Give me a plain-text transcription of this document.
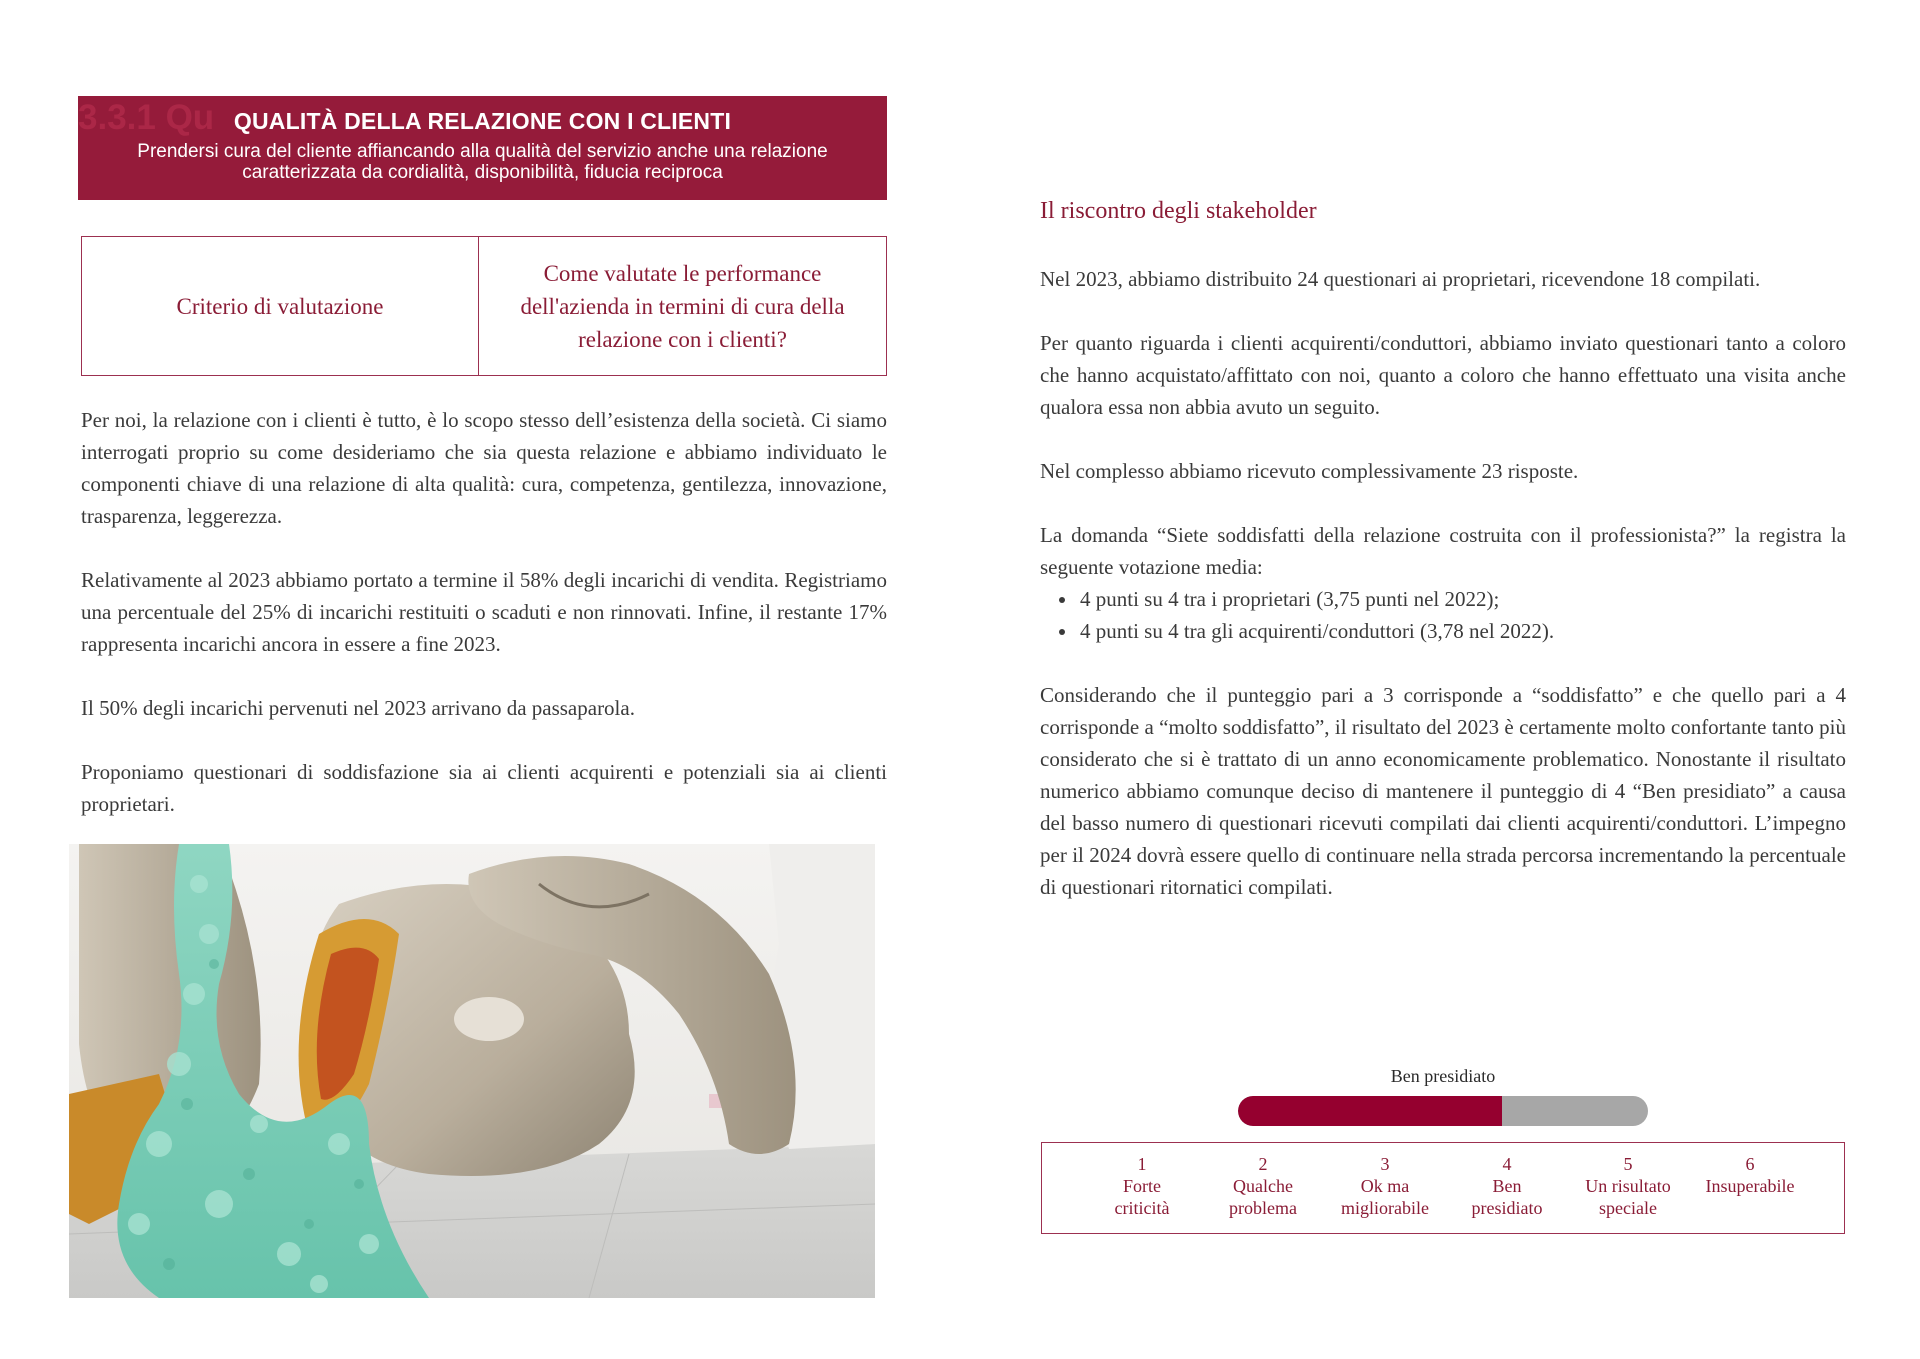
3.3.1 Qu QUALITÀ DELLA RELAZIONE CON I CLIENTI
Prendersi cura del cliente affiancando alla qualità del servizio anche una relazione
caratterizzata da cordialità, disponibilità, fiducia reciproca
Criterio di valutazione
Come valutate le performance dell'azienda in termini di cura della relazione con i clienti?

Per noi, la relazione con i clienti è tutto, è lo scopo stesso dell’esistenza della società. Ci siamo interrogati proprio su come desideriamo che sia questa relazione e abbiamo individuato le componenti chiave di una relazione di alta qualità: cura, competenza, gentilezza, innovazione, trasparenza, leggerezza.

Relativamente al 2023 abbiamo portato a termine il 58% degli incarichi di vendita. Registriamo una percentuale del 25% di incarichi restituiti o scaduti e non rinnovati. Infine, il restante 17% rappresenta incarichi ancora in essere a fine 2023.

Il 50% degli incarichi pervenuti nel 2023 arrivano da passaparola.

Proponiamo questionari di soddisfazione sia ai clienti acquirenti e potenziali sia ai clienti proprietari.

Il riscontro degli stakeholder

Nel 2023, abbiamo distribuito 24 questionari ai proprietari, ricevendone 18 compilati.

Per quanto riguarda i clienti acquirenti/conduttori, abbiamo inviato questionari tanto a coloro che hanno acquistato/affittato con noi, quanto a coloro che hanno effettuato una visita anche qualora essa non abbia avuto un seguito.

Nel complesso abbiamo ricevuto complessivamente 23 risposte.

La domanda “Siete soddisfatti della relazione costruita con il professionista?” la registra la seguente votazione media:

• 4 punti su 4 tra i proprietari (3,75 punti nel 2022);
• 4 punti su 4 tra gli acquirenti/conduttori (3,78 nel 2022).

Considerando che il punteggio pari a 3 corrisponde a “soddisfatto” e che quello pari a 4 corrisponde a “molto soddisfatto”, il risultato del 2023 è certamente molto confortante tanto più considerato che si è trattato di un anno economicamente problematico. Nonostante il risultato numerico abbiamo comunque deciso di mantenere il punteggio di 4 “Ben presidiato” a causa del basso numero di questionari ricevuti compilati dai clienti acquirenti/conduttori. L’impegno per il 2024 dovrà essere quello di continuare nella strada percorsa incrementando la percentuale di questionari ritornatici compilati.

Ben presidiato
1
Forte
criticità
2
Qualche
problema
3
Ok ma
migliorabile
4
Ben
presidiato
5
Un risultato
speciale
6
Insuperabile
